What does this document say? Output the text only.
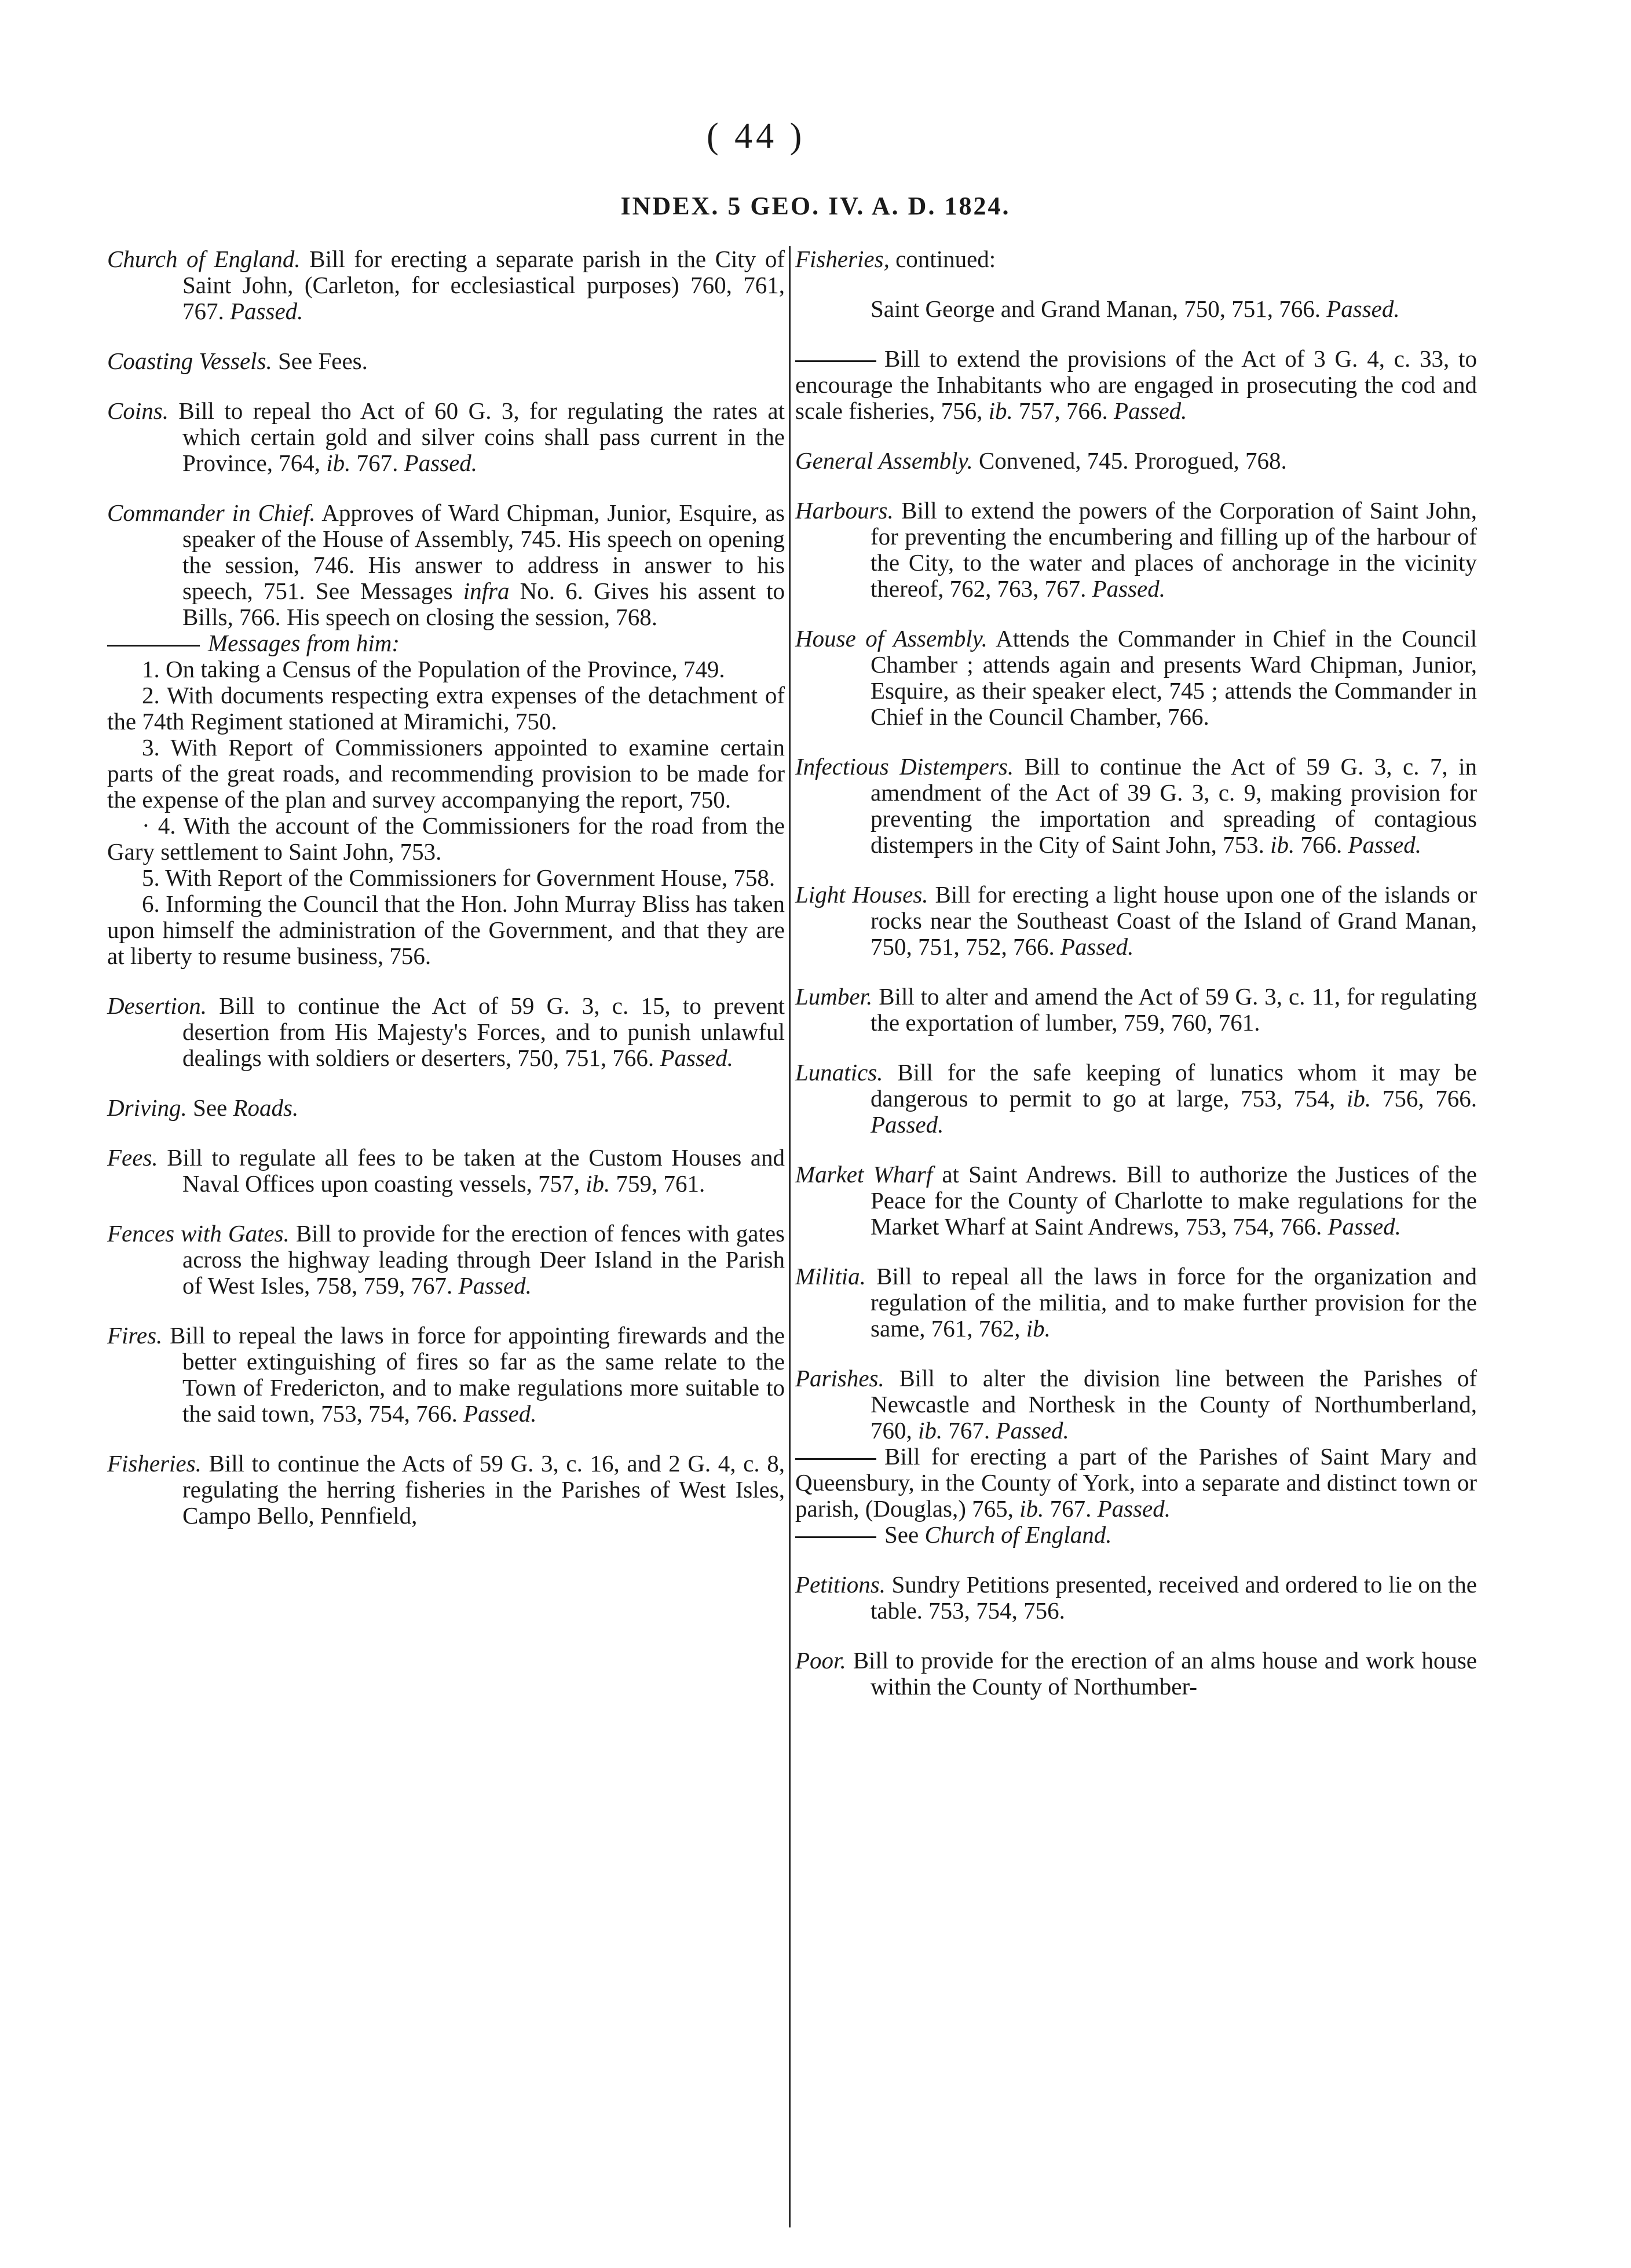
( 44 )
INDEX. 5 GEO. IV. A. D. 1824.

Church of England. Bill for erecting a separate parish in the City of Saint John, (Carleton, for ecclesiastical purposes) 760, 761, 767. Passed.

Coasting Vessels. See Fees.

Coins. Bill to repeal tho Act of 60 G. 3, for regulating the rates at which certain gold and silver coins shall pass current in the Province, 764, ib. 767. Passed.

Commander in Chief. Approves of Ward Chipman, Junior, Esquire, as speaker of the House of Assembly, 745. His speech on opening the session, 746. His answer to address in answer to his speech, 751. See Messages infra No. 6. Gives his assent to Bills, 766. His speech on closing the session, 768.

Messages from him:

1. On taking a Census of the Population of the Province, 749.

2. With documents respecting extra expenses of the detachment of the 74th Regiment stationed at Miramichi, 750.

3. With Report of Commissioners appointed to examine certain parts of the great roads, and recommending provision to be made for the expense of the plan and survey accompanying the report, 750.

· 4. With the account of the Commissioners for the road from the Gary settlement to Saint John, 753.

5. With Report of the Commissioners for Government House, 758.

6. Informing the Council that the Hon. John Murray Bliss has taken upon himself the administration of the Government, and that they are at liberty to resume business, 756.

Desertion. Bill to continue the Act of 59 G. 3, c. 15, to prevent desertion from His Majesty's Forces, and to punish unlawful dealings with soldiers or deserters, 750, 751, 766. Passed.

Driving. See Roads.

Fees. Bill to regulate all fees to be taken at the Custom Houses and Naval Offices upon coasting vessels, 757, ib. 759, 761.

Fences with Gates. Bill to provide for the erection of fences with gates across the highway leading through Deer Island in the Parish of West Isles, 758, 759, 767. Passed.

Fires. Bill to repeal the laws in force for appointing firewards and the better extinguishing of fires so far as the same relate to the Town of Fredericton, and to make regulations more suitable to the said town, 753, 754, 766. Passed.

Fisheries. Bill to continue the Acts of 59 G. 3, c. 16, and 2 G. 4, c. 8, regulating the herring fisheries in the Parishes of West Isles, Campo Bello, Pennfield,

Fisheries, continued:

Saint George and Grand Manan, 750, 751, 766. Passed.

Bill to extend the provisions of the Act of 3 G. 4, c. 33, to encourage the Inhabitants who are engaged in prosecuting the cod and scale fisheries, 756, ib. 757, 766. Passed.

General Assembly. Convened, 745. Prorogued, 768.

Harbours. Bill to extend the powers of the Corporation of Saint John, for preventing the encumbering and filling up of the harbour of the City, to the water and places of anchorage in the vicinity thereof, 762, 763, 767. Passed.

House of Assembly. Attends the Commander in Chief in the Council Chamber ; attends again and presents Ward Chipman, Junior, Esquire, as their speaker elect, 745 ; attends the Commander in Chief in the Council Chamber, 766.

Infectious Distempers. Bill to continue the Act of 59 G. 3, c. 7, in amendment of the Act of 39 G. 3, c. 9, making provision for preventing the importation and spreading of contagious distempers in the City of Saint John, 753. ib. 766. Passed.

Light Houses. Bill for erecting a light house upon one of the islands or rocks near the Southeast Coast of the Island of Grand Manan, 750, 751, 752, 766. Passed.

Lumber. Bill to alter and amend the Act of 59 G. 3, c. 11, for regulating the exportation of lumber, 759, 760, 761.

Lunatics. Bill for the safe keeping of lunatics whom it may be dangerous to permit to go at large, 753, 754, ib. 756, 766. Passed.

Market Wharf at Saint Andrews. Bill to authorize the Justices of the Peace for the County of Charlotte to make regulations for the Market Wharf at Saint Andrews, 753, 754, 766. Passed.

Militia. Bill to repeal all the laws in force for the organization and regulation of the militia, and to make further provision for the same, 761, 762, ib.

Parishes. Bill to alter the division line between the Parishes of Newcastle and Northesk in the County of Northumberland, 760, ib. 767. Passed.

Bill for erecting a part of the Parishes of Saint Mary and Queensbury, in the County of York, into a separate and distinct town or parish, (Douglas,) 765, ib. 767. Passed.

See Church of England.

Petitions. Sundry Petitions presented, received and ordered to lie on the table. 753, 754, 756.

Poor. Bill to provide for the erection of an alms house and work house within the County of Northumber-
